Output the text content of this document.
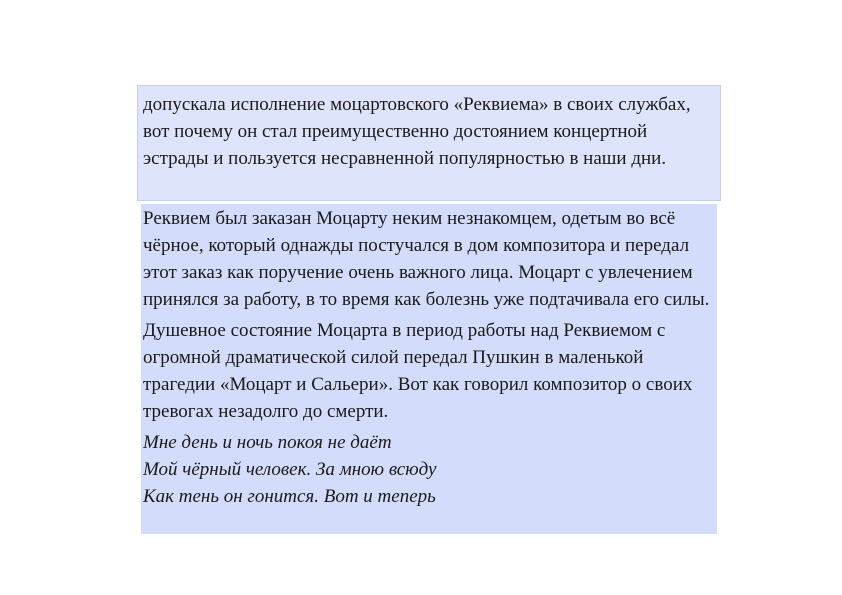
допускала исполнение моцартовского «Реквиема» в своих службах, вот почему он стал преимущественно достоянием концертной эстрады и пользуется несравненной популярностью в наши дни.

Реквием был заказан Моцарту неким незнакомцем, одетым во всё чёрное, который однажды постучался в дом композитора и передал этот заказ как поручение очень важного лица. Моцарт с увлечением принялся за работу, в то время как болезнь уже подтачивала его силы.

Душевное состояние Моцарта в период работы над Реквиемом с огромной драматической силой передал Пушкин в маленькой трагедии «Моцарт и Сальери». Вот как говорил композитор о своих тревогах незадолго до смерти.

Мне день и ночь покоя не даёт
Мой чёрный человек. За мною всюду
Как тень он гонится. Вот и теперь
